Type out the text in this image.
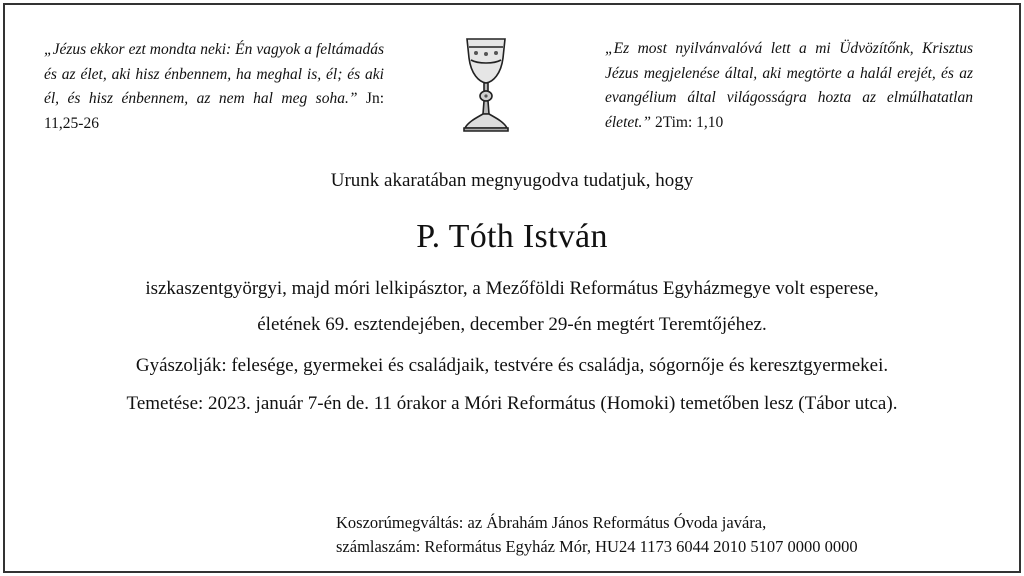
„Jézus ekkor ezt mondta neki: Én vagyok a feltámadás és az élet, aki hisz énbennem, ha meghal is, él; és aki él, és hisz énbennem, az nem hal meg soha.” Jn: 11,25-26
„Ez most nyilvánvalóvá lett a mi Üdvözítőnk, Krisztus Jézus megjelenése által, aki megtörte a halál erejét, és az evangélium által világosságra hozta az elmúlhatatlan életet.” 2Tim: 1,10
Urunk akaratában megnyugodva tudatjuk, hogy
P. Tóth István
iszkaszentgyörgyi, majd móri lelkipásztor, a Mezőföldi Református Egyházmegye volt esperese,
életének 69. esztendejében, december 29-én megtért Teremtőjéhez.
Gyászolják: felesége, gyermekei és családjaik, testvére és családja, sógornője és keresztgyermekei.
Temetése: 2023. január 7-én de. 11 órakor a Móri Református (Homoki) temetőben lesz (Tábor utca).
Koszorúmegváltás: az Ábrahám János Református Óvoda javára,
számlaszám: Református Egyház Mór, HU24 1173 6044 2010 5107 0000 0000
